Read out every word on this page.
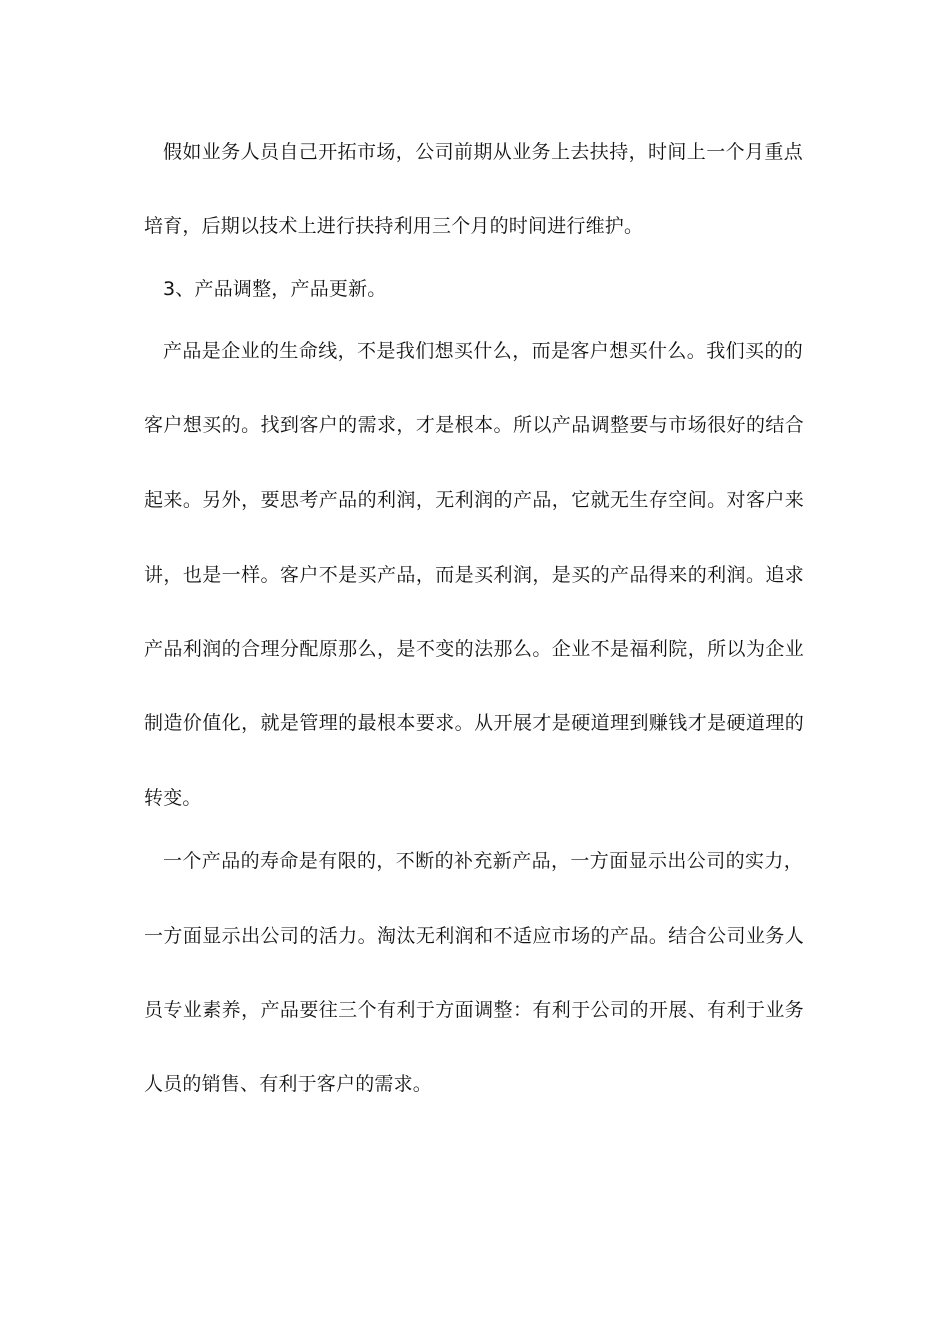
假如业务人员自己开拓市场，公司前期从业务上去扶持，时间上一个月重点
培育，后期以技术上进行扶持利用三个月的时间进行维护。
3、产品调整，产品更新。
产品是企业的生命线，不是我们想买什么，而是客户想买什么。我们买的的
客户想买的。找到客户的需求，才是根本。所以产品调整要与市场很好的结合
起来。另外，要思考产品的利润，无利润的产品，它就无生存空间。对客户来
讲，也是一样。客户不是买产品，而是买利润，是买的产品得来的利润。追求
产品利润的合理分配原那么，是不变的法那么。企业不是福利院，所以为企业
制造价值化，就是管理的最根本要求。从开展才是硬道理到赚钱才是硬道理的
转变。
一个产品的寿命是有限的，不断的补充新产品，一方面显示出公司的实力，
一方面显示出公司的活力。淘汰无利润和不适应市场的产品。结合公司业务人
员专业素养，产品要往三个有利于方面调整：有利于公司的开展、有利于业务
人员的销售、有利于客户的需求。
